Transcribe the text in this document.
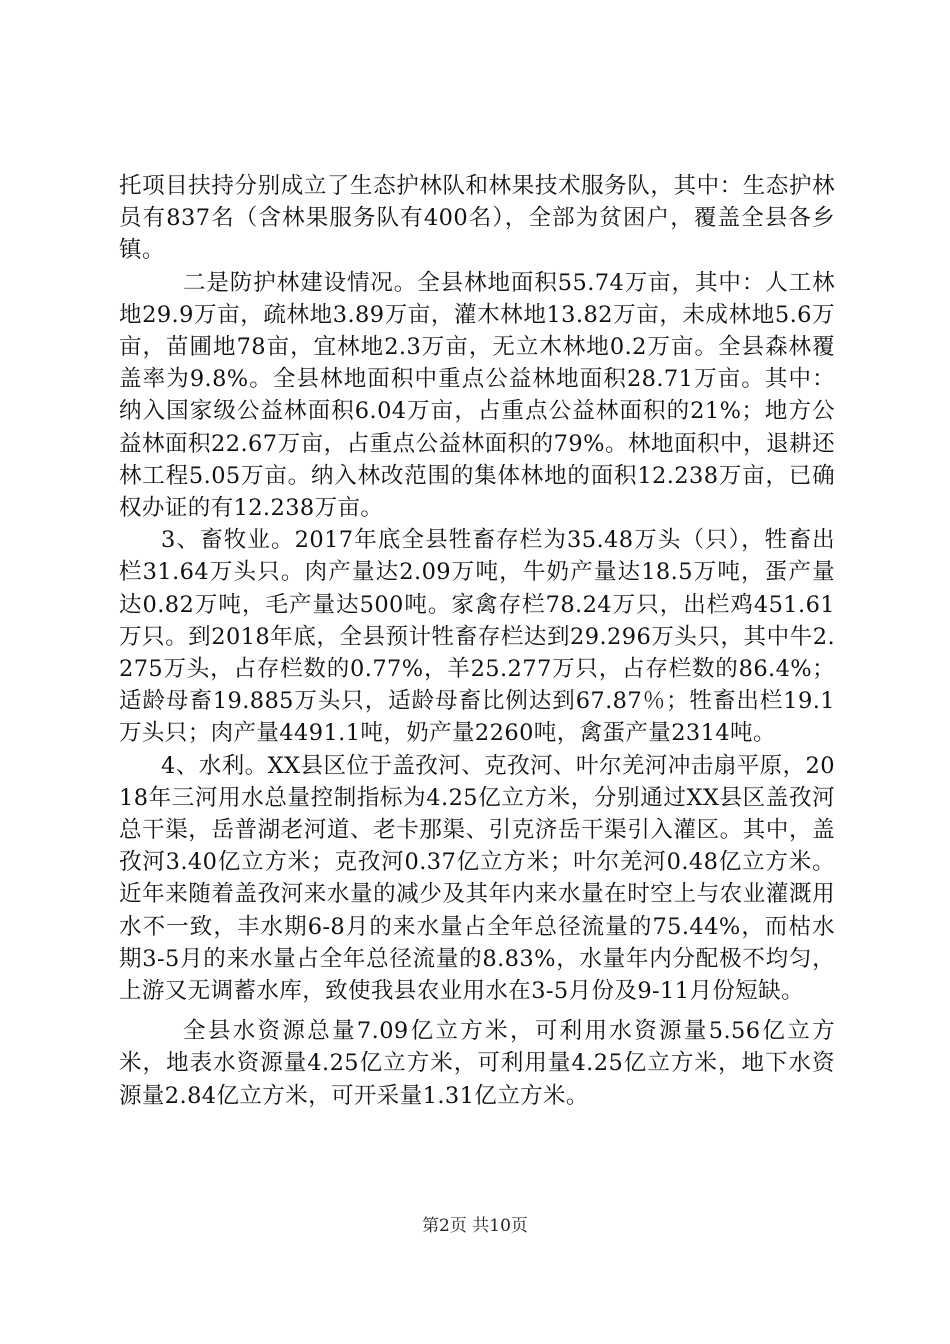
托项目扶持分别成立了生态护林队和林果技术服务队，其中：生态护林员有837名（含林果服务队有400名），全部为贫困户，覆盖全县各乡镇。

二是防护林建设情况。全县林地面积55.74万亩，其中：人工林地29.9万亩，疏林地3.89万亩，灌木林地13.82万亩，未成林地5.6万亩，苗圃地78亩，宜林地2.3万亩，无立木林地0.2万亩。全县森林覆盖率为9.8%。全县林地面积中重点公益林地面积28.71万亩。其中：纳入国家级公益林面积6.04万亩，占重点公益林面积的21%；地方公益林面积22.67万亩，占重点公益林面积的79%。林地面积中，退耕还林工程5.05万亩。纳入林改范围的集体林地的面积12.238万亩，已确权办证的有12.238万亩。

3、畜牧业。2017年底全县牲畜存栏为35.48万头（只），牲畜出栏31.64万头只。肉产量达2.09万吨，牛奶产量达18.5万吨，蛋产量达0.82万吨，毛产量达500吨。家禽存栏78.24万只，出栏鸡451.61万只。到2018年底，全县预计牲畜存栏达到29.296万头只，其中牛2.275万头，占存栏数的0.77%，羊25.277万只，占存栏数的86.4%；适龄母畜19.885万头只，适龄母畜比例达到67.87％；牲畜出栏19.1万头只；肉产量4491.1吨，奶产量2260吨，禽蛋产量2314吨。

4、水利。XX县区位于盖孜河、克孜河、叶尔羌河冲击扇平原，2018年三河用水总量控制指标为4.25亿立方米，分别通过XX县区盖孜河总干渠，岳普湖老河道、老卡那渠、引克济岳干渠引入灌区。其中，盖孜河3.40亿立方米；克孜河0.37亿立方米；叶尔羌河0.48亿立方米。近年来随着盖孜河来水量的减少及其年内来水量在时空上与农业灌溉用水不一致，丰水期6-8月的来水量占全年总径流量的75.44%，而枯水期3-5月的来水量占全年总径流量的8.83%，水量年内分配极不均匀，上游又无调蓄水库，致使我县农业用水在3-5月份及9-11月份短缺。

全县水资源总量7.09亿立方米，可利用水资源量5.56亿立方米，地表水资源量4.25亿立方米，可利用量4.25亿立方米，地下水资源量2.84亿立方米，可开采量1.31亿立方米。

第2页 共10页
